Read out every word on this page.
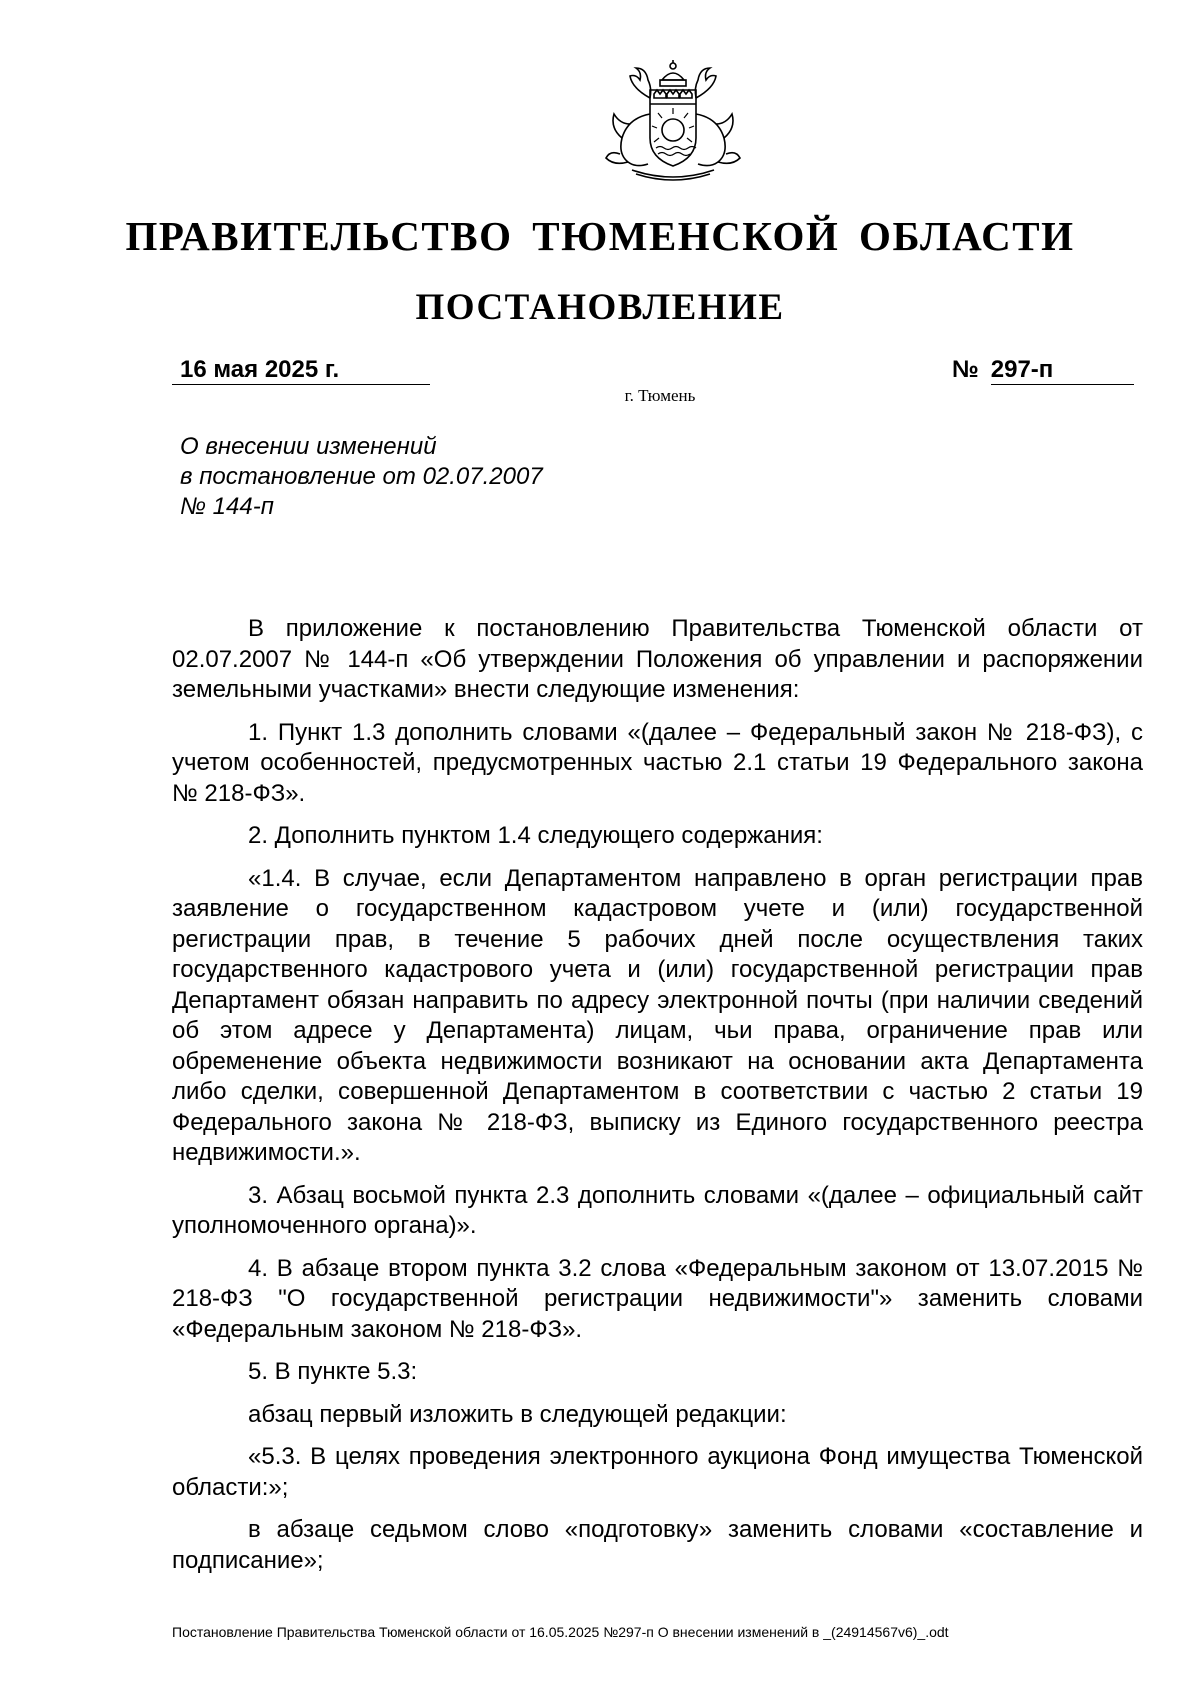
ПРАВИТЕЛЬСТВО ТЮМЕНСКОЙ ОБЛАСТИ
ПОСТАНОВЛЕНИЕ
16 мая 2025 г.	№ 297-п
г. Тюмень
О внесении изменений
в постановление от 02.07.2007
№ 144-п

В приложение к постановлению Правительства Тюменской области от 02.07.2007 № 144-п «Об утверждении Положения об управлении и распоряжении земельными участками» внести следующие изменения:

1. Пункт 1.3 дополнить словами «(далее – Федеральный закон № 218-ФЗ), с учетом особенностей, предусмотренных частью 2.1 статьи 19 Федерального закона № 218-ФЗ».

2. Дополнить пунктом 1.4 следующего содержания:

«1.4. В случае, если Департаментом направлено в орган регистрации прав заявление о государственном кадастровом учете и (или) государственной регистрации прав, в течение 5 рабочих дней после осуществления таких государственного кадастрового учета и (или) государственной регистрации прав Департамент обязан направить по адресу электронной почты (при наличии сведений об этом адресе у Департамента) лицам, чьи права, ограничение прав или обременение объекта недвижимости возникают на основании акта Департамента либо сделки, совершенной Департаментом в соответствии с частью 2 статьи 19 Федерального закона № 218-ФЗ, выписку из Единого государственного реестра недвижимости.».

3. Абзац восьмой пункта 2.3 дополнить словами «(далее – официальный сайт уполномоченного органа)».

4. В абзаце втором пункта 3.2 слова «Федеральным законом от 13.07.2015 № 218-ФЗ "О государственной регистрации недвижимости"» заменить словами «Федеральным законом № 218-ФЗ».

5. В пункте 5.3:

абзац первый изложить в следующей редакции:

«5.3. В целях проведения электронного аукциона Фонд имущества Тюменской области:»;

в абзаце седьмом слово «подготовку» заменить словами «составление и подписание»;

Постановление Правительства Тюменской области от 16.05.2025 №297-п О внесении изменений в _(24914567v6)_.odt
